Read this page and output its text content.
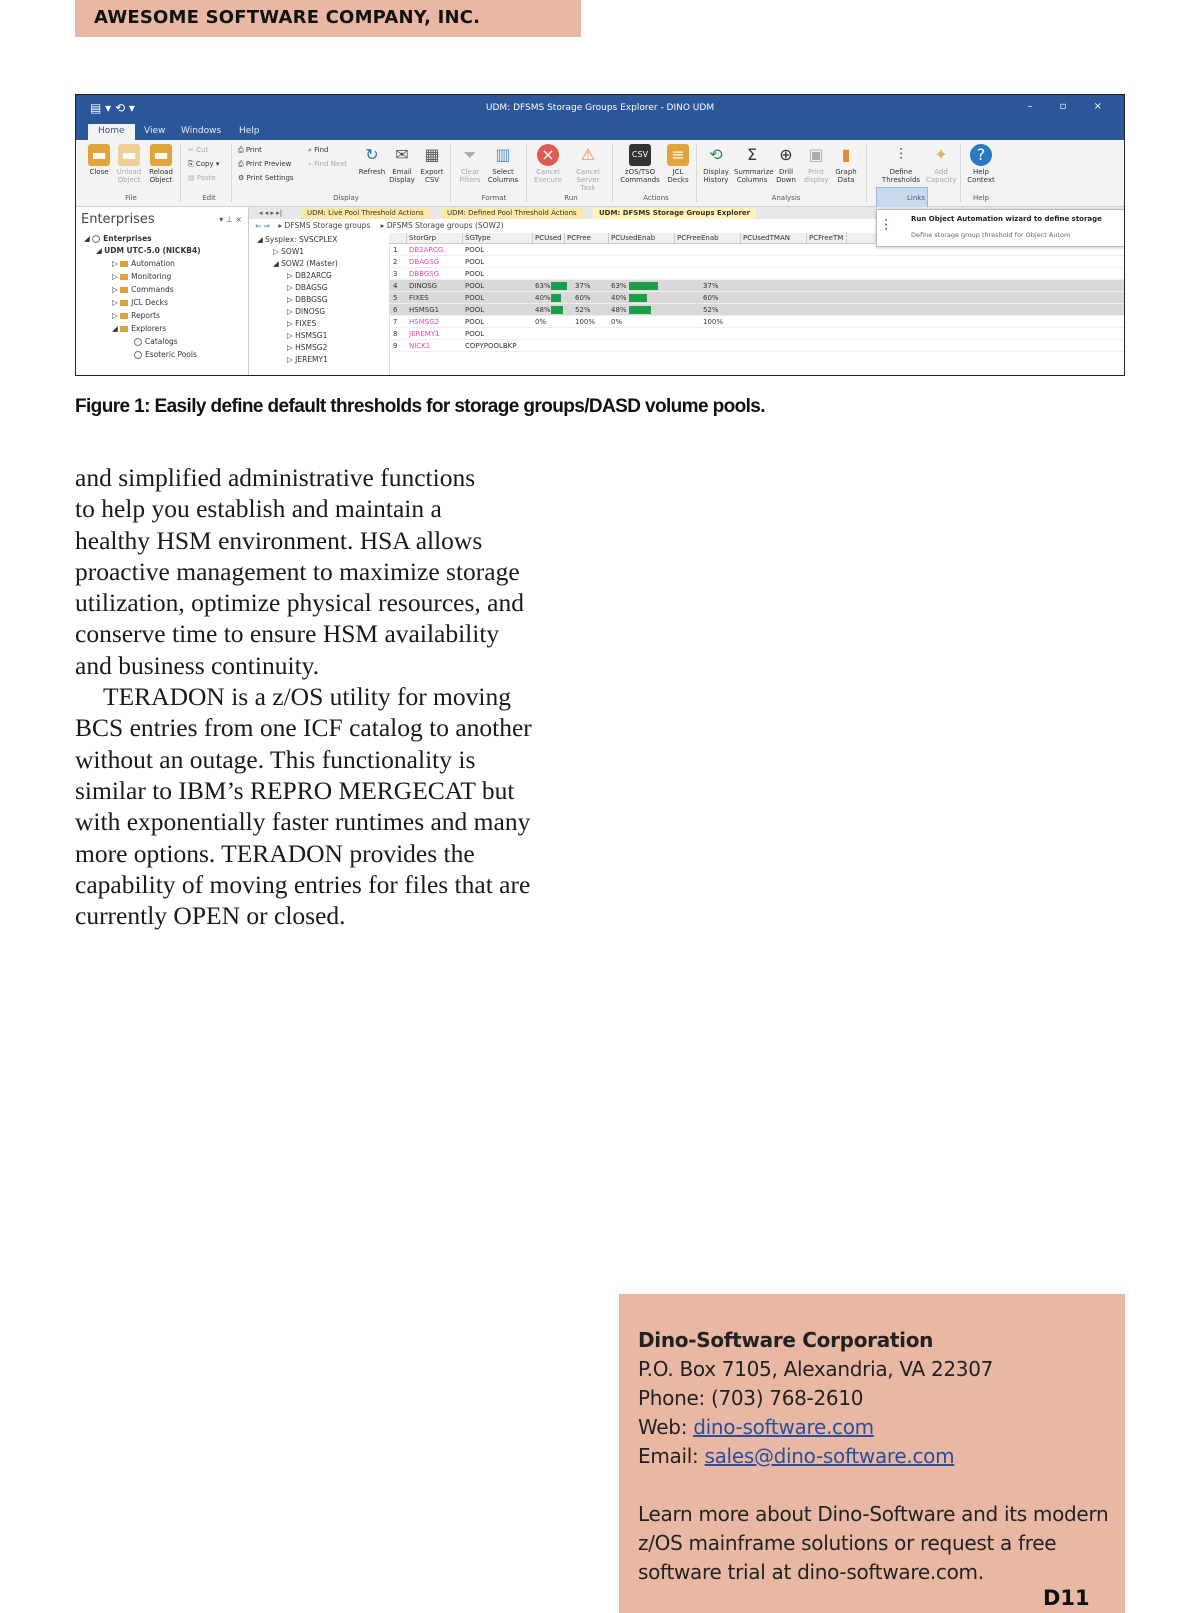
AWESOME SOFTWARE COMPANY, INC.
▤ ▾ ⟲ ▾	UDM: DFSMS Storage Groups Explorer - DINO UDM	– ▫ ×
Home	View Windows Help
▬
Close
▬
Unload Object
▬
Reload Object
File
✂ Cut
⎘ Copy ▾
▤ Paste
Edit
⎙ Print
⎙ Print Preview
⚙ Print Settings
⌕ Find
⌕ Find Next ↻
Refresh
✉
Email Display
▦
Export CSV
Display
⏷
Clear Filters
▥
Select Columns
Format
×
Cancel Execute
⚠
Cancel Server Task
Run
CSV
zOS/TSO Commands
≡
JCL Decks
Actions
⟲
Display History
Σ
Summarize Columns
⊕
Drill Down
▣
Print display
▮
Graph Data
Analysis
⫶
Define Thresholds
✦
Add Capacity
Links
?
Help Context
Help
Enterprises	▾ ⊥ ×
◢ Enterprises
◢ UDM UTC-5.0 (NICKB4)
▷ Automation
▷ Monitoring
▷ Commands
▷ JCL Decks
▷ Reports
◢ Explorers
Catalogs
Esoteric Pools
◂ ◂ ▸ ▸|	UDM: Live Pool Threshold Actions	UDM: Defined Pool Threshold Actions	UDM: DFSMS Storage Groups Explorer
⇐ ⇒ ▸ DFSMS Storage groups ▸ DFSMS Storage groups (SOW2)
◢ Sysplex: SVSCPLEX
▷ SOW1
◢ SOW2 (Master)
▷ DB2ARCG
▷ DBAGSG
▷ DBBGSG
▷ DINOSG
▷ FIXES
▷ HSMSG1
▷ HSMSG2
▷ JEREMY1
StorGrp	SGType	PCUsed PCFree	PCUsedEnab	PCFreeEnab	PCUsedTMAN	PCFreeTM
1 DB2ARCG	POOL
2 DBAGSG	POOL
3 DBBGSG	POOL
4 DINOSG	POOL	63%	37%	63%	37%
5 FIXES	POOL	40%	60%	40%	60%
6 HSMSG1	POOL	48%	52%	48%	52%
7 HSMSG2	POOL	0%	100% 0%	100%
8 JEREMY1	POOL
9 NICK1	COPYPOOLBKP
⫶	Run Object Automation wizard to define storage
Define storage group threshold for Object Autom
Figure 1: Easily define default thresholds for storage groups/DASD volume pools.
and simplified administrative functions
to help you establish and maintain a
healthy HSM environment. HSA allows
proactive management to maximize storage
utilization, optimize physical resources, and
conserve time to ensure HSM availability
and business continuity.
TERADON is a z/OS utility for moving
BCS entries from one ICF catalog to another
without an outage. This functionality is
similar to IBM’s REPRO MERGECAT but
with exponentially faster runtimes and many
more options. TERADON provides the
capability of moving entries for files that are
currently OPEN or closed.
Dino-Software Corporation
P.O. Box 7105, Alexandria, VA 22307
Phone: (703) 768-2610
Web: dino-software.com
Email: sales@dino-software.com
Learn more about Dino-Software and its modern
z/OS mainframe solutions or request a free
software trial at dino-software.com.
D11
